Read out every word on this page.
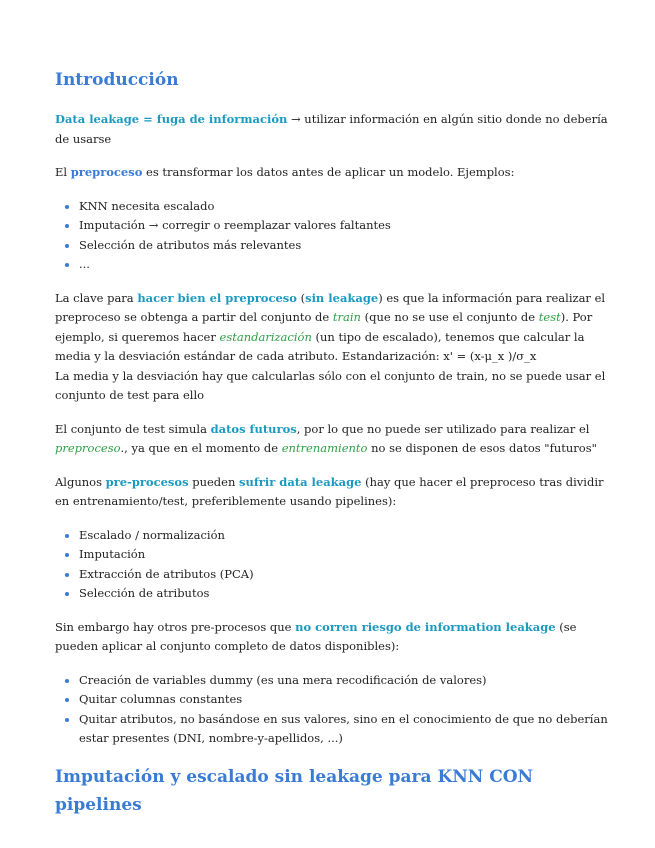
Introducción

Data leakage = fuga de información → utilizar información en algún sitio donde no debería de usarse

El preproceso es transformar los datos antes de aplicar un modelo. Ejemplos:

• KNN necesita escalado
• Imputación → corregir o reemplazar valores faltantes
• Selección de atributos más relevantes
• ...

La clave para hacer bien el preproceso (sin leakage) es que la información para realizar el preproceso se obtenga a partir del conjunto de train (que no se use el conjunto de test). Por ejemplo, si queremos hacer estandarización (un tipo de escalado), tenemos que calcular la media y la desviación estándar de cada atributo. Estandarización: x' = (x-μ_x )/σ_x
La media y la desviación hay que calcularlas sólo con el conjunto de train, no se puede usar el conjunto de test para ello

El conjunto de test simula datos futuros, por lo que no puede ser utilizado para realizar el preproceso., ya que en el momento de entrenamiento no se disponen de esos datos "futuros"

Algunos pre-procesos pueden sufrir data leakage (hay que hacer el preproceso tras dividir en entrenamiento/test, preferiblemente usando pipelines):

• Escalado / normalización
• Imputación
• Extracción de atributos (PCA)
• Selección de atributos

Sin embargo hay otros pre-procesos que no corren riesgo de information leakage (se pueden aplicar al conjunto completo de datos disponibles):

• Creación de variables dummy (es una mera recodificación de valores)
• Quitar columnas constantes
• Quitar atributos, no basándose en sus valores, sino en el conocimiento de que no deberían estar presentes (DNI, nombre-y-apellidos, ...)
Imputación y escalado sin leakage para KNN CON pipelines
